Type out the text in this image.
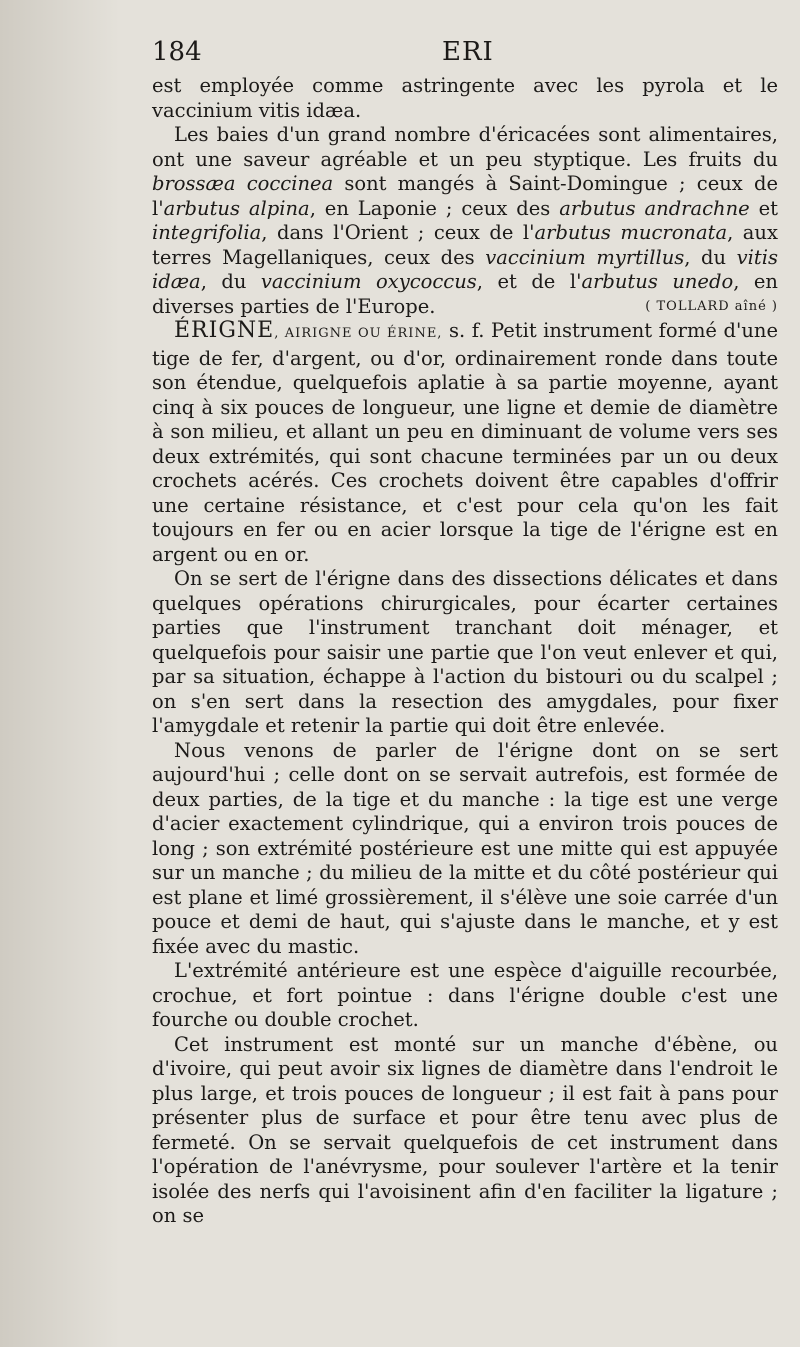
184	ERI

est employée comme astringente avec les pyrola et le vaccinium vitis idæa.

Les baies d'un grand nombre d'éricacées sont alimentaires, ont une saveur agréable et un peu styptique. Les fruits du brossæa coccinea sont mangés à Saint-Domingue ; ceux de l'arbutus alpina, en Laponie ; ceux des arbutus andrachne et integrifolia, dans l'Orient ; ceux de l'arbutus mucronata, aux terres Magellaniques, ceux des vaccinium myrtillus, du vitis idæa, du vaccinium oxycoccus, et de l'arbutus unedo, en diverses parties de l'Europe.	( TOLLARD aîné )

ÉRIGNE, AIRIGNE OU ÉRINE, s. f. Petit instrument formé d'une tige de fer, d'argent, ou d'or, ordinairement ronde dans toute son étendue, quelquefois aplatie à sa partie moyenne, ayant cinq à six pouces de longueur, une ligne et demie de diamètre à son milieu, et allant un peu en diminuant de volume vers ses deux extrémités, qui sont chacune terminées par un ou deux crochets acérés. Ces crochets doivent être capables d'offrir une certaine résistance, et c'est pour cela qu'on les fait toujours en fer ou en acier lorsque la tige de l'érigne est en argent ou en or.

On se sert de l'érigne dans des dissections délicates et dans quelques opérations chirurgicales, pour écarter certaines parties que l'instrument tranchant doit ménager, et quelquefois pour saisir une partie que l'on veut enlever et qui, par sa situation, échappe à l'action du bistouri ou du scalpel ; on s'en sert dans la resection des amygdales, pour fixer l'amygdale et retenir la partie qui doit être enlevée.

Nous venons de parler de l'érigne dont on se sert aujourd'hui ; celle dont on se servait autrefois, est formée de deux parties, de la tige et du manche : la tige est une verge d'acier exactement cylindrique, qui a environ trois pouces de long ; son extrémité postérieure est une mitte qui est appuyée sur un manche ; du milieu de la mitte et du côté postérieur qui est plane et limé grossièrement, il s'élève une soie carrée d'un pouce et demi de haut, qui s'ajuste dans le manche, et y est fixée avec du mastic.

L'extrémité antérieure est une espèce d'aiguille recourbée, crochue, et fort pointue : dans l'érigne double c'est une fourche ou double crochet.

Cet instrument est monté sur un manche d'ébène, ou d'ivoire, qui peut avoir six lignes de diamètre dans l'endroit le plus large, et trois pouces de longueur ; il est fait à pans pour présenter plus de surface et pour être tenu avec plus de fermeté. On se servait quelquefois de cet instrument dans l'opération de l'anévrysme, pour soulever l'artère et la tenir isolée des nerfs qui l'avoisinent afin d'en faciliter la ligature ; on se
